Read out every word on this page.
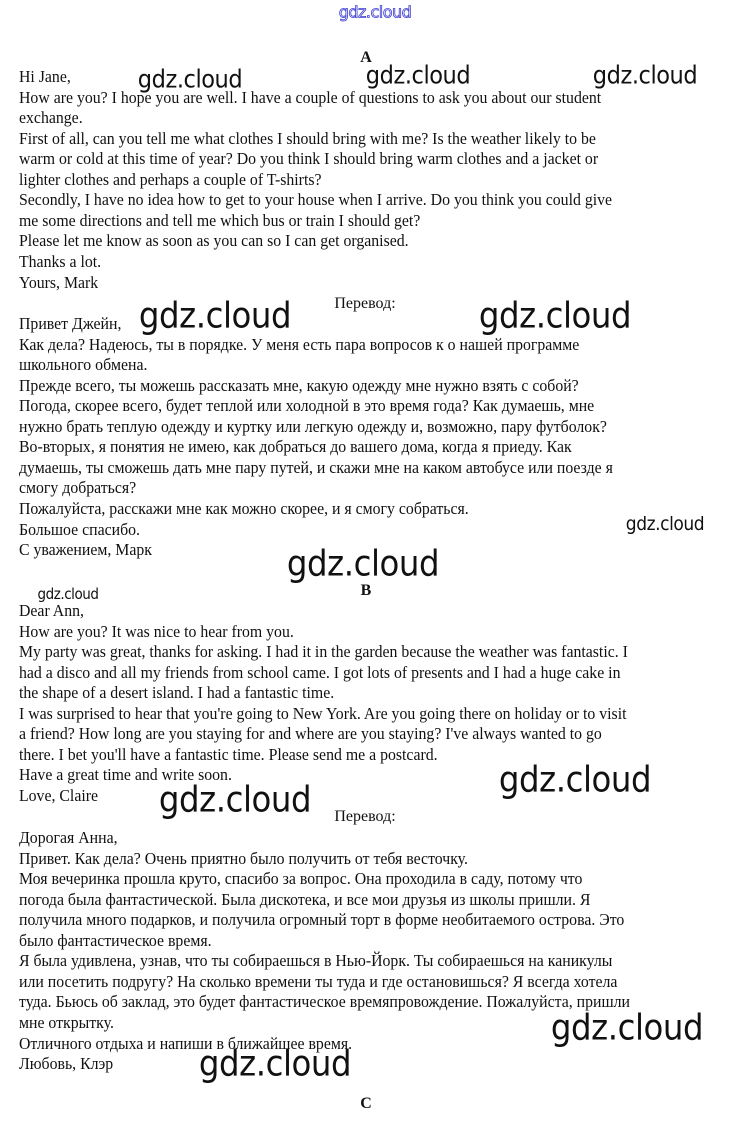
gdz.cloud
A
Hi Jane,
How are you? I hope you are well. I have a couple of questions to ask you about our student
exchange.
First of all, can you tell me what clothes I should bring with me? Is the weather likely to be
warm or cold at this time of year? Do you think I should bring warm clothes and a jacket or
lighter clothes and perhaps a couple of T-shirts?
Secondly, I have no idea how to get to your house when I arrive. Do you think you could give
me some directions and tell me which bus or train I should get?
Please let me know as soon as you can so I can get organised.
Thanks a lot.
Yours, Mark
Перевод:
Привет Джейн,
Как дела? Надеюсь, ты в порядке. У меня есть пара вопросов к о нашей программе
школьного обмена.
Прежде всего, ты можешь рассказать мне, какую одежду мне нужно взять с собой?
Погода, скорее всего, будет теплой или холодной в это время года? Как думаешь, мне
нужно брать теплую одежду и куртку или легкую одежду и, возможно, пару футболок?
Во-вторых, я понятия не имею, как добраться до вашего дома, когда я приеду. Как
думаешь, ты сможешь дать мне пару путей, и скажи мне на каком автобусе или поезде я
смогу добраться?
Пожалуйста, расскажи мне как можно скорее, и я смогу собраться.
Большое спасибо.
С уважением, Марк
B
Dear Ann,
How are you? It was nice to hear from you.
My party was great, thanks for asking. I had it in the garden because the weather was fantastic. I
had a disco and all my friends from school came. I got lots of presents and I had a huge cake in
the shape of a desert island. I had a fantastic time.
I was surprised to hear that you're going to New York. Are you going there on holiday or to visit
a friend? How long are you staying for and where are you staying? I've always wanted to go
there. I bet you'll have a fantastic time. Please send me a postcard.
Have a great time and write soon.
Love, Claire
Перевод:
Дорогая Анна,
Привет. Как дела? Очень приятно было получить от тебя весточку.
Моя вечеринка прошла круто, спасибо за вопрос. Она проходила в саду, потому что
погода была фантастической. Была дискотека, и все мои друзья из школы пришли. Я
получила много подарков, и получила огромный торт в форме необитаемого острова. Это
было фантастическое время.
Я была удивлена, узнав, что ты собираешься в Нью-Йорк. Ты собираешься на каникулы
или посетить подругу? На сколько времени ты туда и где остановишься? Я всегда хотела
туда. Бьюсь об заклад, это будет фантастическое времяпровождение. Пожалуйста, пришли
мне открытку.
Отличного отдыха и напиши в ближайшее время.
Любовь, Клэр
C
gdz.cloud	gdz.cloud	gdz.cloud
gdz.cloud	gdz.cloud
gdz.cloud
gdz.cloud
gdz.cloud
gdz.cloud
gdz.cloud
gdz.cloud
gdz.cloud
